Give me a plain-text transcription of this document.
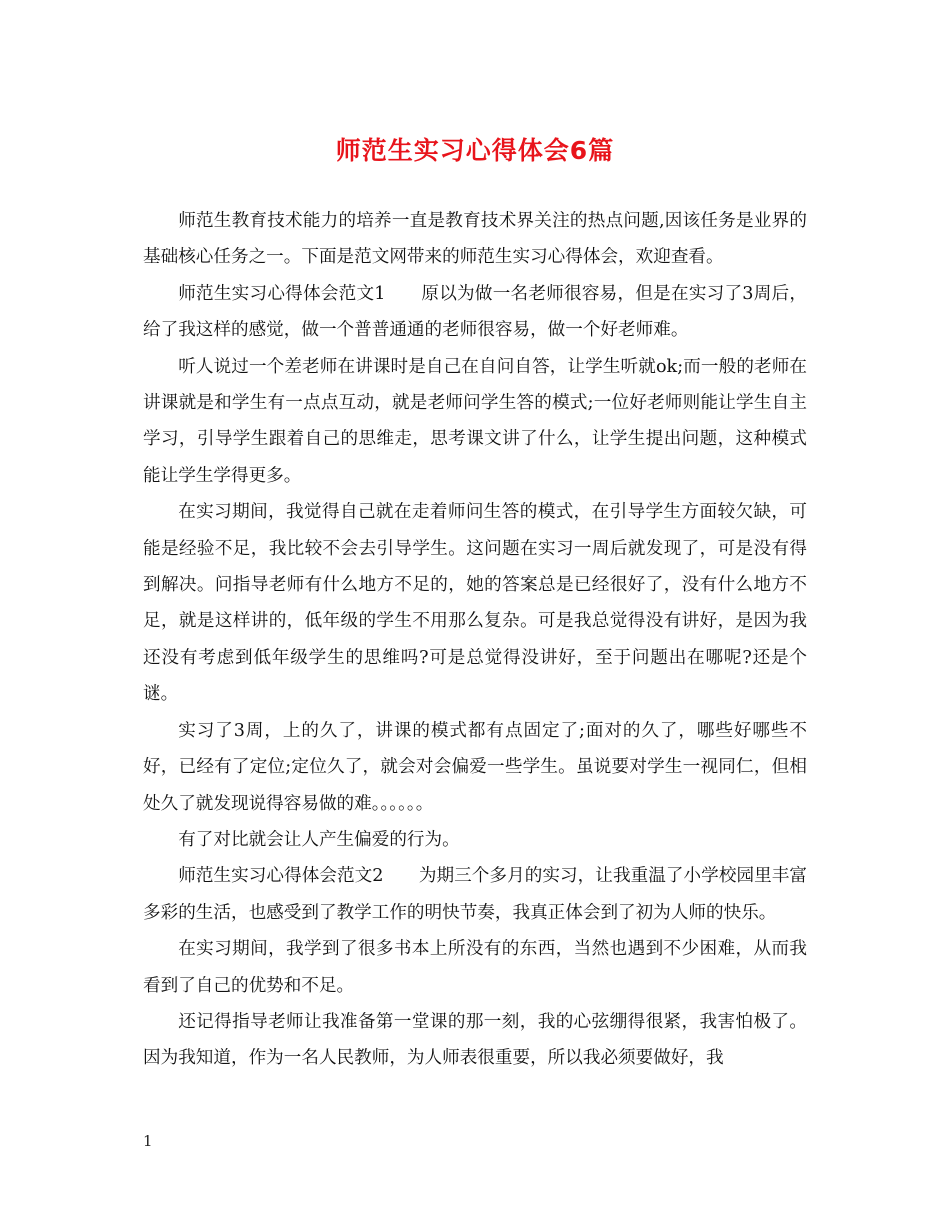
师范生实习心得体会6篇

师范生教育技术能力的培养一直是教育技术界关注的热点问题,因该任务是业界的基础核心任务之一。下面是范文网带来的师范生实习心得体会，欢迎查看。

师范生实习心得体会范文1　　原以为做一名老师很容易，但是在实习了3周后，给了我这样的感觉，做一个普普通通的老师很容易，做一个好老师难。

听人说过一个差老师在讲课时是自己在自问自答，让学生听就ok;而一般的老师在讲课就是和学生有一点点互动，就是老师问学生答的模式;一位好老师则能让学生自主学习，引导学生跟着自己的思维走，思考课文讲了什么，让学生提出问题，这种模式能让学生学得更多。

在实习期间，我觉得自己就在走着师问生答的模式，在引导学生方面较欠缺，可能是经验不足，我比较不会去引导学生。这问题在实习一周后就发现了，可是没有得到解决。问指导老师有什么地方不足的，她的答案总是已经很好了，没有什么地方不足，就是这样讲的，低年级的学生不用那么复杂。可是我总觉得没有讲好，是因为我还没有考虑到低年级学生的思维吗?可是总觉得没讲好，至于问题出在哪呢?还是个谜。

实习了3周，上的久了，讲课的模式都有点固定了;面对的久了，哪些好哪些不好，已经有了定位;定位久了，就会对会偏爱一些学生。虽说要对学生一视同仁，但相处久了就发现说得容易做的难。。。。。。

有了对比就会让人产生偏爱的行为。

师范生实习心得体会范文2　　为期三个多月的实习，让我重温了小学校园里丰富多彩的生活，也感受到了教学工作的明快节奏，我真正体会到了初为人师的快乐。

在实习期间，我学到了很多书本上所没有的东西，当然也遇到不少困难，从而我看到了自己的优势和不足。

还记得指导老师让我准备第一堂课的那一刻，我的心弦绷得很紧，我害怕极了。因为我知道，作为一名人民教师，为人师表很重要，所以我必须要做好，我

1
